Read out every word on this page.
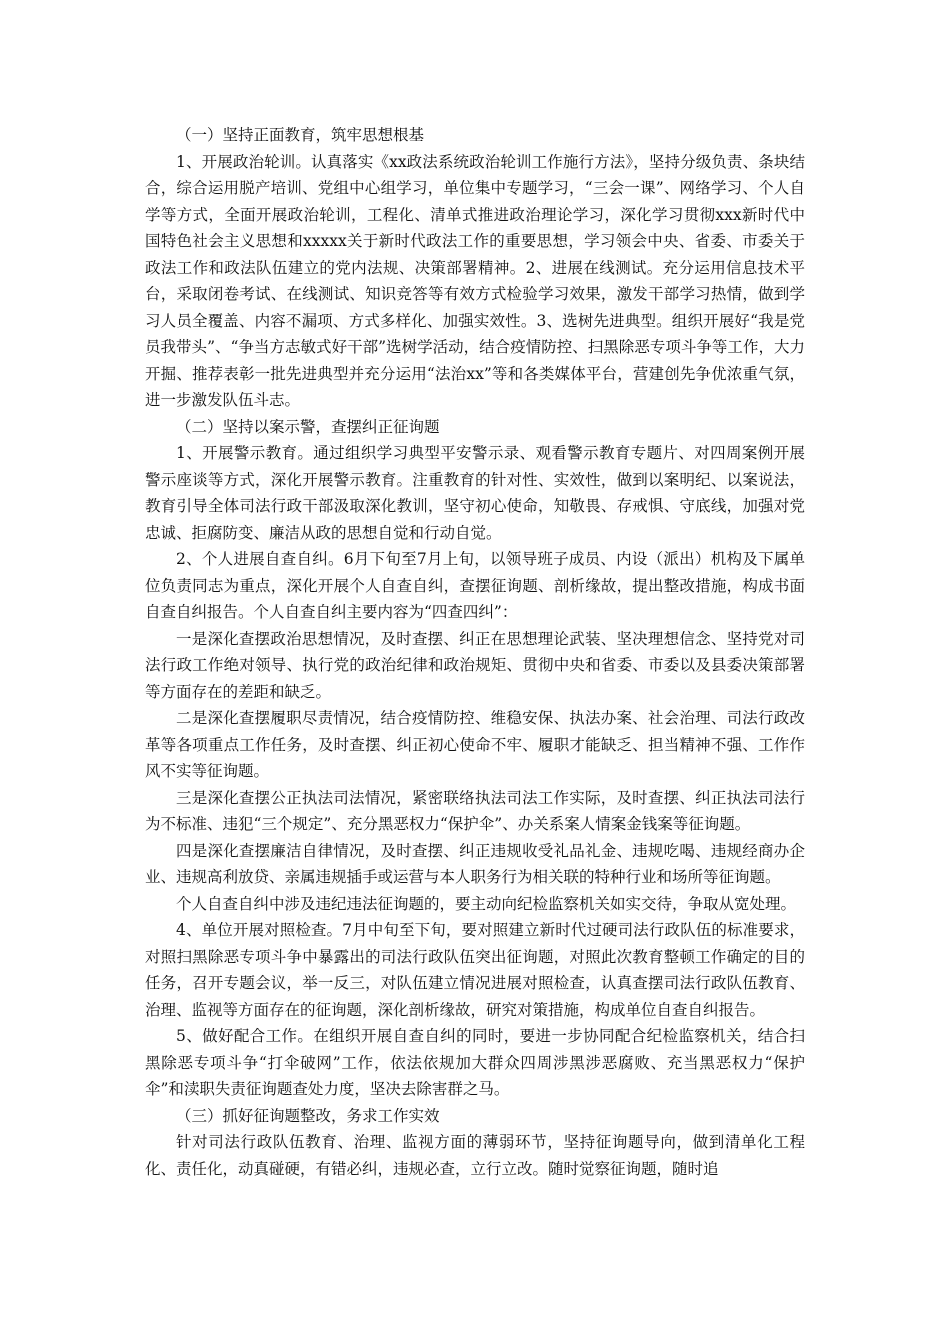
（一）坚持正面教育，筑牢思想根基

1、开展政治轮训。认真落实《xx政法系统政治轮训工作施行方法》，坚持分级负责、条块结合，综合运用脱产培训、党组中心组学习，单位集中专题学习，“三会一课”、网络学习、个人自学等方式，全面开展政治轮训，工程化、清单式推进政治理论学习，深化学习贯彻xxx新时代中国特色社会主义思想和xxxxx关于新时代政法工作的重要思想，学习领会中央、省委、市委关于政法工作和政法队伍建立的党内法规、决策部署精神。2、进展在线测试。充分运用信息技术平台，采取闭卷考试、在线测试、知识竞答等有效方式检验学习效果，激发干部学习热情，做到学习人员全覆盖、内容不漏项、方式多样化、加强实效性。3、选树先进典型。组织开展好“我是党员我带头”、“争当方志敏式好干部”选树学活动，结合疫情防控、扫黑除恶专项斗争等工作，大力开掘、推荐表彰一批先进典型并充分运用“法治xx”等和各类媒体平台，营建创先争优浓重气氛，进一步激发队伍斗志。

（二）坚持以案示警，查摆纠正征询题

1、开展警示教育。通过组织学习典型平安警示录、观看警示教育专题片、对四周案例开展警示座谈等方式，深化开展警示教育。注重教育的针对性、实效性，做到以案明纪、以案说法，教育引导全体司法行政干部汲取深化教训，坚守初心使命，知敬畏、存戒惧、守底线，加强对党忠诚、拒腐防变、廉洁从政的思想自觉和行动自觉。

2、个人进展自查自纠。6月下旬至7月上旬，以领导班子成员、内设（派出）机构及下属单位负责同志为重点，深化开展个人自查自纠，查摆征询题、剖析缘故，提出整改措施，构成书面自查自纠报告。个人自查自纠主要内容为“四查四纠”：

一是深化查摆政治思想情况，及时查摆、纠正在思想理论武装、坚决理想信念、坚持党对司法行政工作绝对领导、执行党的政治纪律和政治规矩、贯彻中央和省委、市委以及县委决策部署等方面存在的差距和缺乏。

二是深化查摆履职尽责情况，结合疫情防控、维稳安保、执法办案、社会治理、司法行政改革等各项重点工作任务，及时查摆、纠正初心使命不牢、履职才能缺乏、担当精神不强、工作作风不实等征询题。

三是深化查摆公正执法司法情况，紧密联络执法司法工作实际，及时查摆、纠正执法司法行为不标准、违犯“三个规定”、充分黑恶权力“保护伞”、办关系案人情案金钱案等征询题。

四是深化查摆廉洁自律情况，及时查摆、纠正违规收受礼品礼金、违规吃喝、违规经商办企业、违规高利放贷、亲属违规插手或运营与本人职务行为相关联的特种行业和场所等征询题。

个人自查自纠中涉及违纪违法征询题的，要主动向纪检监察机关如实交待，争取从宽处理。

4、单位开展对照检查。7月中旬至下旬，要对照建立新时代过硬司法行政队伍的标准要求，对照扫黑除恶专项斗争中暴露出的司法行政队伍突出征询题，对照此次教育整顿工作确定的目的任务，召开专题会议，举一反三，对队伍建立情况进展对照检查，认真查摆司法行政队伍教育、治理、监视等方面存在的征询题，深化剖析缘故，研究对策措施，构成单位自查自纠报告。

5、做好配合工作。在组织开展自查自纠的同时，要进一步协同配合纪检监察机关，结合扫黑除恶专项斗争“打伞破网”工作，依法依规加大群众四周涉黑涉恶腐败、充当黑恶权力“保护伞”和渎职失责征询题查处力度，坚决去除害群之马。

（三）抓好征询题整改，务求工作实效

针对司法行政队伍教育、治理、监视方面的薄弱环节，坚持征询题导向，做到清单化工程化、责任化，动真碰硬，有错必纠，违规必查，立行立改。随时觉察征询题，随时追
